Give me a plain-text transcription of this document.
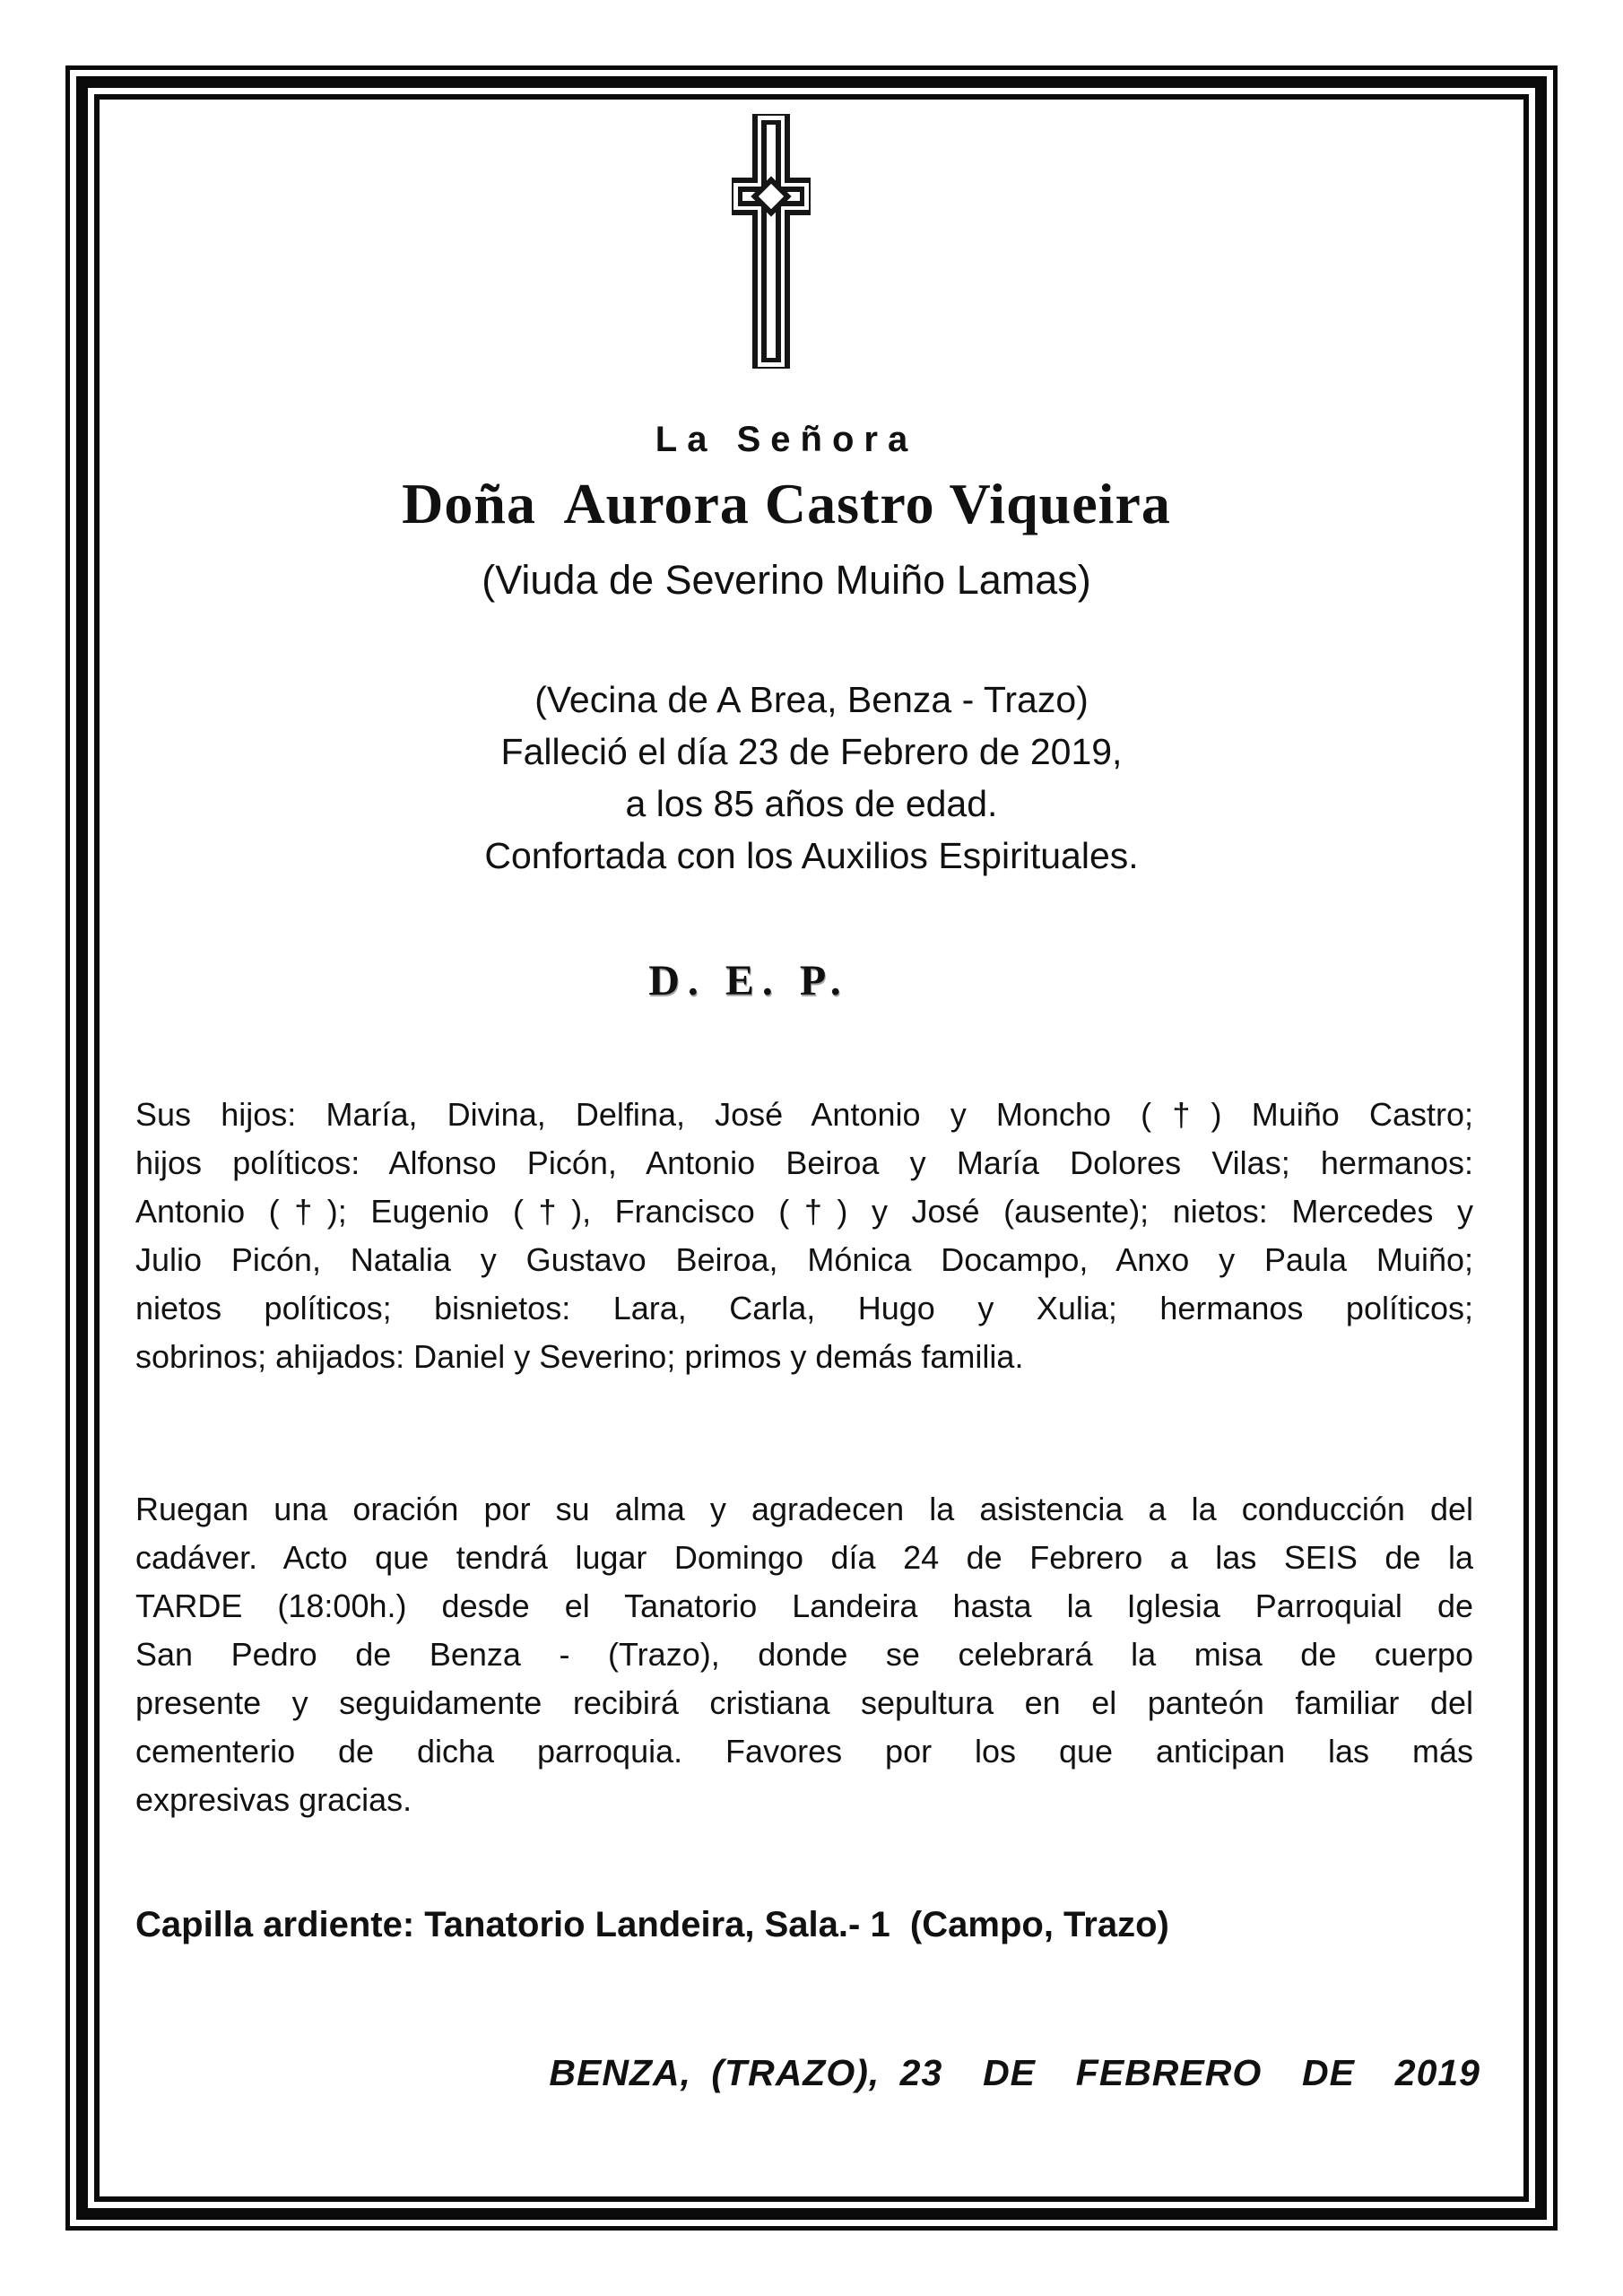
La Señora
Doña  Aurora Castro Viqueira
(Viuda de Severino Muiño Lamas)
(Vecina de A Brea, Benza - Trazo)
Falleció el día 23 de Febrero de 2019,
a los 85 años de edad.
Confortada con los Auxilios Espirituales.
D. E. P.
Sus hijos: María, Divina, Delfina, José Antonio y Moncho (†) Muiño Castro;
hijos políticos: Alfonso Picón, Antonio Beiroa y María Dolores Vilas; hermanos:
Antonio (†); Eugenio (†), Francisco (†) y José (ausente); nietos: Mercedes y
Julio Picón, Natalia y Gustavo Beiroa, Mónica Docampo, Anxo y Paula Muiño;
nietos políticos; bisnietos: Lara, Carla, Hugo y Xulia; hermanos políticos;
sobrinos; ahijados: Daniel y Severino; primos y demás familia.
Ruegan una oración por su alma y agradecen la asistencia a la conducción del
cadáver. Acto que tendrá lugar Domingo día 24 de Febrero a las SEIS de la
TARDE (18:00h.) desde el Tanatorio Landeira hasta la Iglesia Parroquial de
San Pedro de Benza - (Trazo), donde se celebrará la misa de cuerpo
presente y seguidamente recibirá cristiana sepultura en el panteón familiar del
cementerio de dicha parroquia. Favores por los que anticipan las más
expresivas gracias.
Capilla ardiente: Tanatorio Landeira, Sala.- 1  (Campo, Trazo)
BENZA, (TRAZO), 23  DE  FEBRERO  DE  2019
